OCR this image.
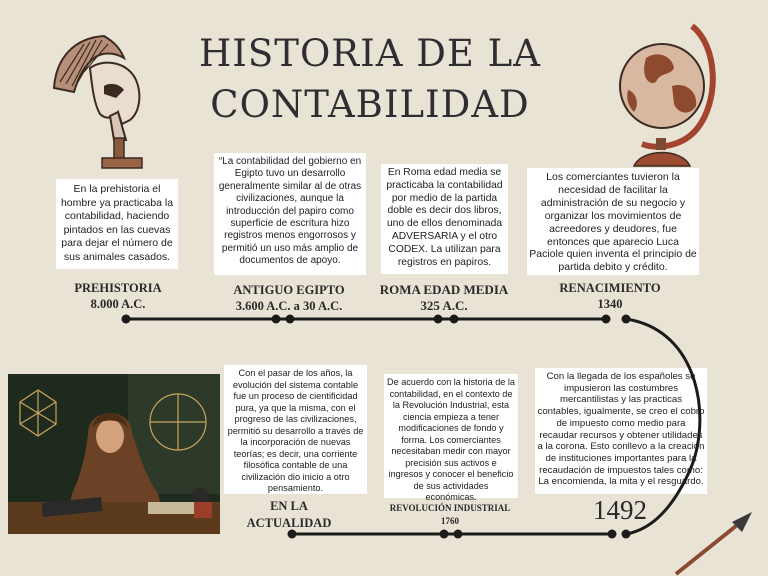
HISTORIA DE LA
CONTABILIDAD
En la prehistoria el hombre ya practicaba la contabilidad, haciendo pintados en las cuevas para dejar el número de sus animales casados.
“La contabilidad del gobierno en Egipto tuvo un desarrollo generalmente similar al de otras civilizaciones, aunque la introducción del papiro como superficie de escritura hizo registros menos engorrosos y permitió un uso más amplio de documentos de apoyo.
En Roma edad media se practicaba la contabilidad por medio de la partida doble es decir dos libros, uno de ellos denominada ADVERSARIA y el otro CODEX. La utilizan para registros en papiros.
Los comerciantes tuvieron la necesidad de facilitar la administración de su negocio y organizar los movimientos de acreedores y deudores, fue entonces que aparecio Luca Paciole quien inventa el principio de partida debito y crédito.
Con el pasar de los años, la evolución del sistema contable fue un proceso de cientificidad pura, ya que la misma, con el progreso de las civilizaciones, permitió su desarrollo a través de la incorporación de nuevas teorías; es decir, una corriente filosófica contable de una civilización dio inicio a otro pensamiento.
De acuerdo con la historia de la contabilidad, en el contexto de la Revolución Industrial, esta ciencia empieza a tener modificaciones de fondo y forma. Los comerciantes necesitaban medir con mayor precisión sus activos e ingresos y conocer el beneficio de sus actividades económicas.
Con la llegada de los españoles se impusieron las costumbres mercantilistas y las practicas contables, igualmente, se creo el cobro de impuesto como medio para recaudar recursos y obtener utilidades a la corona. Esto conllevo a la creación de instituciones importantes para la recaudación de impuestos tales como: La encomienda, la mita y el resguardo.
PREHISTORIA
8.000 A.C.
ANTIGUO EGIPTO
3.600 A.C. a 30 A.C.
ROMA EDAD MEDIA
325 A.C.
RENACIMIENTO
1340
EN LA
ACTUALIDAD
REVOLUCIÓN INDUSTRIAL
1760	1492
